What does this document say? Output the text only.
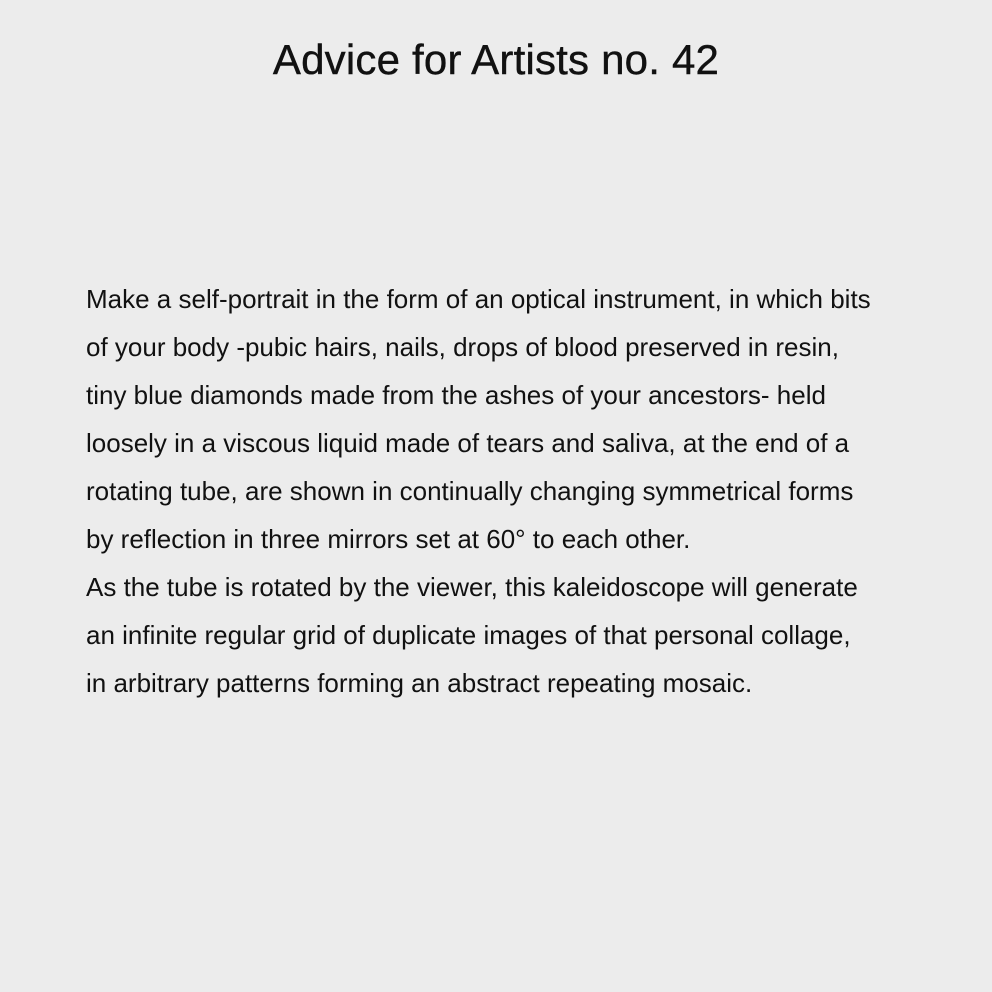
Advice for Artists no. 42
Make a self-portrait in the form of an optical instrument, in which bits
of your body -pubic hairs, nails, drops of blood preserved in resin,
tiny blue diamonds made from the ashes of your ancestors- held
loosely in a viscous liquid made of tears and saliva, at the end of a
rotating tube, are shown in continually changing symmetrical forms
by reflection in three mirrors set at 60° to each other.
As the tube is rotated by the viewer, this kaleidoscope will generate
an infinite regular grid of duplicate images of that personal collage,
in arbitrary patterns forming an abstract repeating mosaic.
